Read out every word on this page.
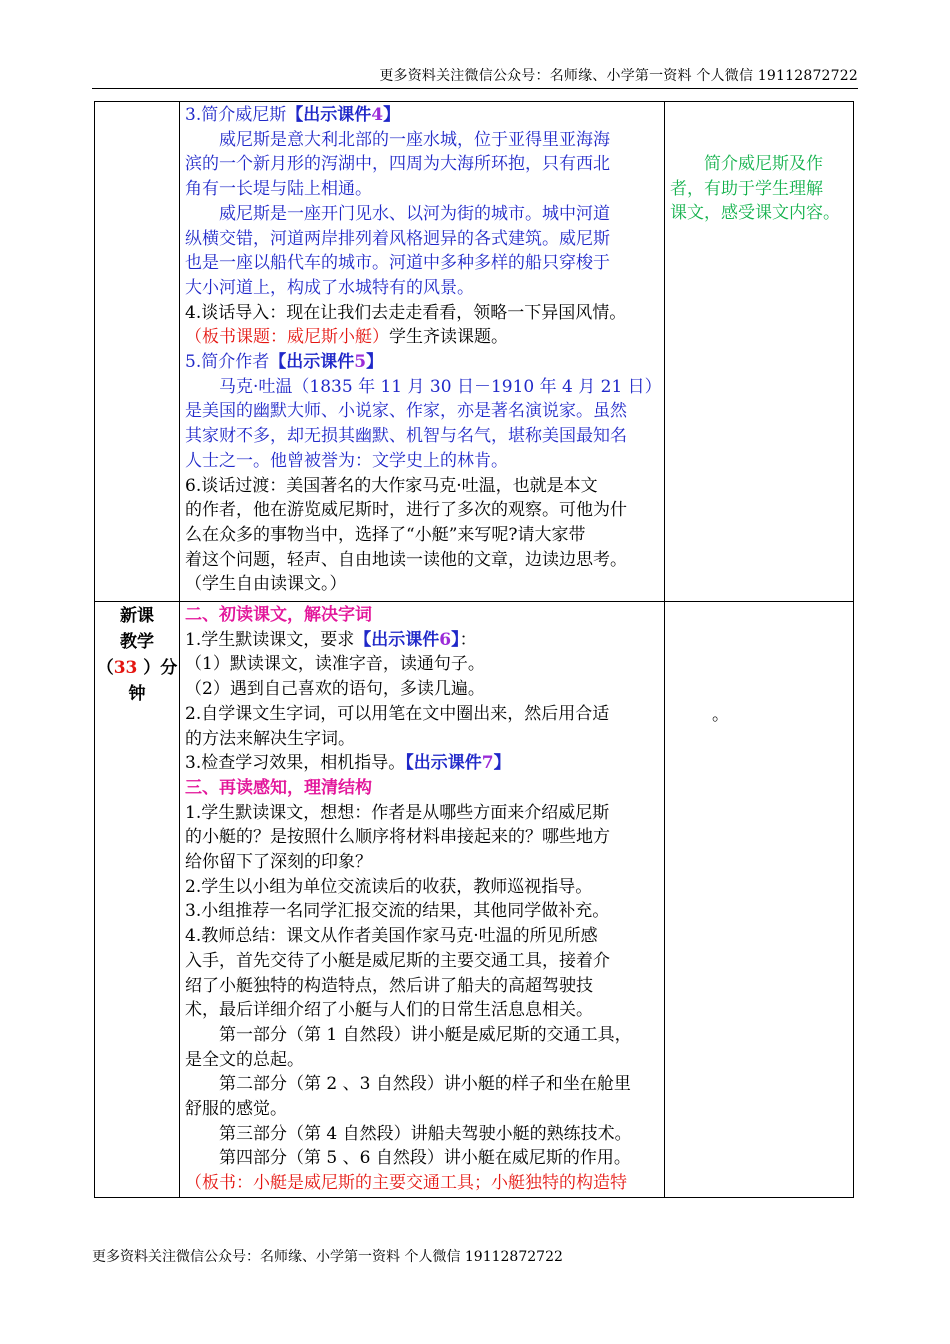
更多资料关注微信公众号：名师缘、小学第一资料 个人微信 19112872722
3.简介威尼斯【出示课件4】
　　威尼斯是意大利北部的一座水城，位于亚得里亚海海
滨的一个新月形的泻湖中，四周为大海所环抱，只有西北
角有一长堤与陆上相通。
　　威尼斯是一座开门见水、以河为街的城市。城中河道
纵横交错，河道两岸排列着风格迥异的各式建筑。威尼斯
也是一座以船代车的城市。河道中多种多样的船只穿梭于
大小河道上，构成了水城特有的风景。
4.谈话导入：现在让我们去走走看看，领略一下异国风情。
（板书课题：威尼斯小艇）学生齐读课题。
5.简介作者【出示课件5】
　　马克·吐温（1835 年 11 月 30 日－1910 年 4 月 21 日）
是美国的幽默大师、小说家、作家，亦是著名演说家。虽然
其家财不多，却无损其幽默、机智与名气，堪称美国最知名
人士之一。他曾被誉为：文学史上的林肯。
6.谈话过渡：美国著名的大作家马克·吐温，也就是本文
的作者，他在游览威尼斯时，进行了多次的观察。可他为什
么在众多的事物当中，选择了“小艇”来写呢?请大家带
着这个问题，轻声、自由地读一读他的文章，边读边思考。
（学生自由读课文。）
　　简介威尼斯及作
者，有助于学生理解
课文，感受课文内容。
新课
教学
（33 ）分
钟
二、初读课文，解决字词
1.学生默读课文，要求【出示课件6】：
（1）默读课文，读准字音，读通句子。
（2）遇到自己喜欢的语句，多读几遍。
2.自学课文生字词，可以用笔在文中圈出来，然后用合适
的方法来解决生字词。
3.检查学习效果，相机指导。【出示课件7】
三、再读感知，理清结构
1.学生默读课文，想想：作者是从哪些方面来介绍威尼斯
的小艇的？是按照什么顺序将材料串接起来的？哪些地方
给你留下了深刻的印象？
2.学生以小组为单位交流读后的收获，教师巡视指导。
3.小组推荐一名同学汇报交流的结果，其他同学做补充。
4.教师总结：课文从作者美国作家马克·吐温的所见所感
入手，首先交待了小艇是威尼斯的主要交通工具，接着介
绍了小艇独特的构造特点，然后讲了船夫的高超驾驶技
术，最后详细介绍了小艇与人们的日常生活息息相关。
　　第一部分（第 1 自然段）讲小艇是威尼斯的交通工具，
是全文的总起。
　　第二部分（第 2 、3 自然段）讲小艇的样子和坐在舱里
舒服的感觉。
　　第三部分（第 4 自然段）讲船夫驾驶小艇的熟练技术。
　　第四部分（第 5 、6 自然段）讲小艇在威尼斯的作用。
（板书：小艇是威尼斯的主要交通工具；小艇独特的构造特
。
更多资料关注微信公众号：名师缘、小学第一资料 个人微信 19112872722
